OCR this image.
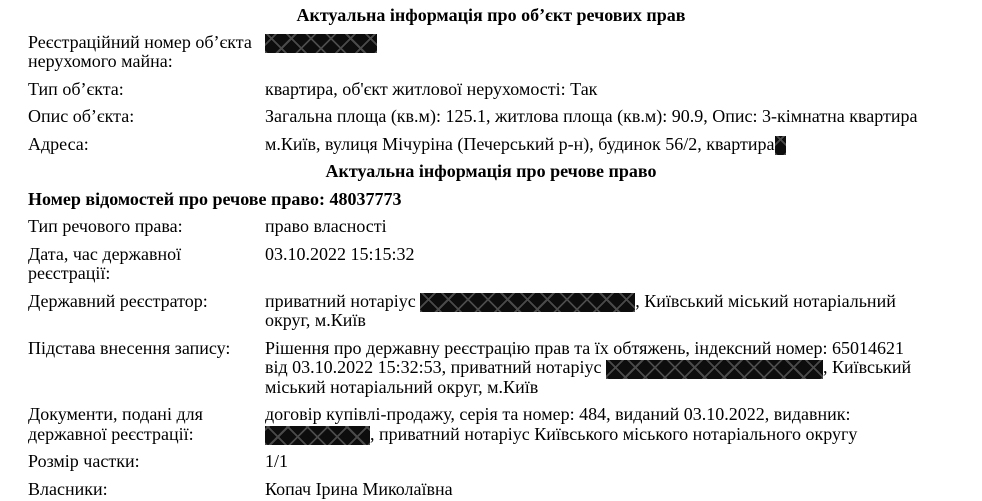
Актуальна інформація про об’єкт речових прав
Реєстраційний номер об’єкта нерухомого майна:
Тип об’єкта:	квартира, об'єкт житлової нерухомості: Так
Опис об’єкта:	Загальна площа (кв.м): 125.1, житлова площа (кв.м): 90.9, Опис: 3-кімнатна квартира
Адреса:	м.Київ, вулиця Мічуріна (Печерський р-н), будинок 56/2, квартира
Актуальна інформація про речове право
Номер відомостей про речове право: 48037773
Тип речового права:	право власності
Дата, час державної реєстрації:
03.10.2022 15:15:32
Державний реєстратор:	приватний нотаріус	, Київський міський нотаріальний округ, м.Київ
Підстава внесення запису:	Рішення про державну реєстрацію прав та їх обтяжень, індексний номер: 65014621 від 03.10.2022 15:32:53, приватний нотаріус	, Київський міський нотаріальний округ, м.Київ
Документи, подані для державної реєстрації:
договір купівлі-продажу, серія та номер: 484, виданий 03.10.2022, видавник: , приватний нотаріус Київського міського нотаріального округу
Розмір частки:	1/1
Власники:	Копач Ірина Миколаївна
